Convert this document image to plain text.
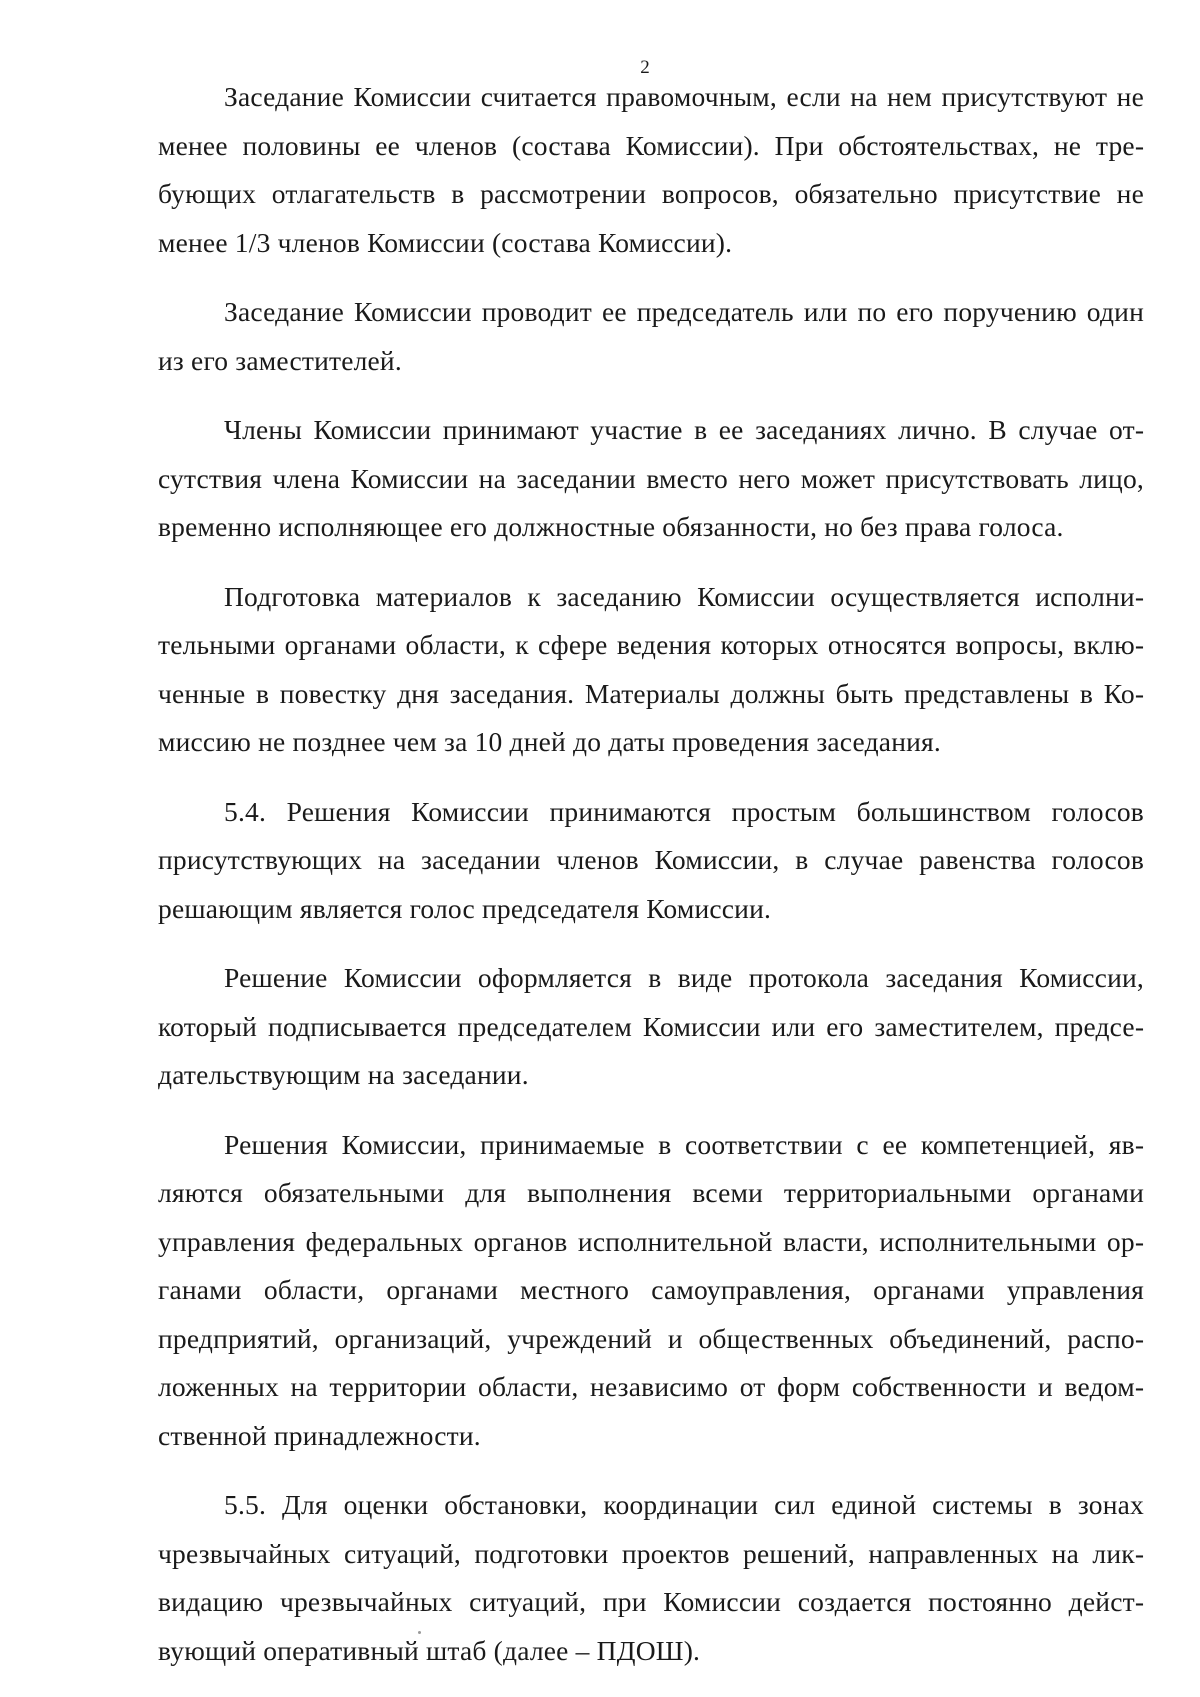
2

Заседание Комиссии считается правомочным, если на нем присутствуют не менее половины ее членов (состава Комиссии). При обстоятельствах, не требующих отлагательств в рассмотрении вопросов, обязательно присутствие не менее 1/3 членов Комиссии (состава Комиссии).

Заседание Комиссии проводит ее председатель или по его поручению один из его заместителей.

Члены Комиссии принимают участие в ее заседаниях лично. В случае отсутствия члена Комиссии на заседании вместо него может присутствовать лицо, временно исполняющее его должностные обязанности, но без права голоса.

Подготовка материалов к заседанию Комиссии осуществляется исполнительными органами области, к сфере ведения которых относятся вопросы, включенные в повестку дня заседания. Материалы должны быть представлены в Комиссию не позднее чем за 10 дней до даты проведения заседания.

5.4. Решения Комиссии принимаются простым большинством голосов присутствующих на заседании членов Комиссии, в случае равенства голосов решающим является голос председателя Комиссии.

Решение Комиссии оформляется в виде протокола заседания Комиссии, который подписывается председателем Комиссии или его заместителем, председательствующим на заседании.

Решения Комиссии, принимаемые в соответствии с ее компетенцией, являются обязательными для выполнения всеми территориальными органами управления федеральных органов исполнительной власти, исполнительными органами области, органами местного самоуправления, органами управления предприятий, организаций, учреждений и общественных объединений, расположенных на территории области, независимо от форм собственности и ведомственной принадлежности.

5.5. Для оценки обстановки, координации сил единой системы в зонах чрезвычайных ситуаций, подготовки проектов решений, направленных на ликвидацию чрезвычайных ситуаций, при Комиссии создается постоянно действующий оперативный штаб (далее – ПДОШ).
